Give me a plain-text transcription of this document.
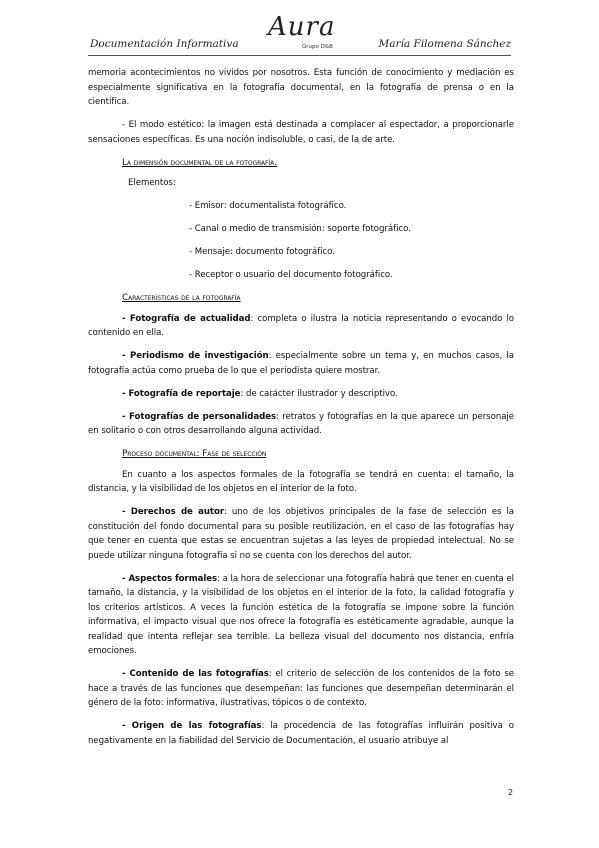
Documentación Informativa
Aura
Grupo D&B	María Filomena Sánchez

memoria acontecimientos no vividos por nosotros. Esta función de conocimiento y mediación es especialmente significativa en la fotografía documental, en la fotografía de prensa o en la científica.

- El modo estético: la imagen está destinada a complacer al espectador, a proporcionarle sensaciones específicas. Es una noción indisoluble, o casi, de la de arte.

La dimensión documental de la fotografía.

Elementos:

- Emisor: documentalista fotográfico.

- Canal o medio de transmisión: soporte fotográfico.

- Mensaje: documento fotográfico.

- Receptor o usuario del documento fotográfico.

Características de la fotografía

- Fotografía de actualidad: completa o ilustra la noticia representando o evocando lo contenido en ella.

- Periodismo de investigación: especialmente sobre un tema y, en muchos casos, la fotografía actúa como prueba de lo que el periodista quiere mostrar.

- Fotografía de reportaje: de carácter ilustrador y descriptivo.

- Fotografías de personalidades: retratos y fotografías en la que aparece un personaje en solitario o con otros desarrollando alguna actividad.

Proceso documental: Fase de selección

En cuanto a los aspectos formales de la fotografía se tendrá en cuenta: el tamaño, la distancia, y la visibilidad de los objetos en el interior de la foto.

- Derechos de autor: uno de los objetivos principales de la fase de selección es la constitución del fondo documental para su posible reutilización, en el caso de las fotografías hay que tener en cuenta que estas se encuentran sujetas a las leyes de propiedad intelectual. No se puede utilizar ninguna fotografía si no se cuenta con los derechos del autor.

- Aspectos formales: a la hora de seleccionar una fotografía habrá que tener en cuenta el tamaño, la distancia, y la visibilidad de los objetos en el interior de la foto, la calidad fotografía y los criterios artísticos. A veces la función estética de la fotografía se impone sobre la función informativa, el impacto visual que nos ofrece la fotografía es estéticamente agradable, aunque la realidad que intenta reflejar sea terrible. La belleza visual del documento nos distancia, enfría emociones.

- Contenido de las fotografías: el criterio de selección de los contenidos de la foto se hace a través de las funciones que desempeñan: las funciones que desempeñan determinarán el género de la foto: informativa, ilustrativas, tópicos o de contexto.

- Origen de las fotografías: la procedencia de las fotografías influirán positiva o negativamente en la fiabilidad del Servicio de Documentación, el usuario atribuye al

2
